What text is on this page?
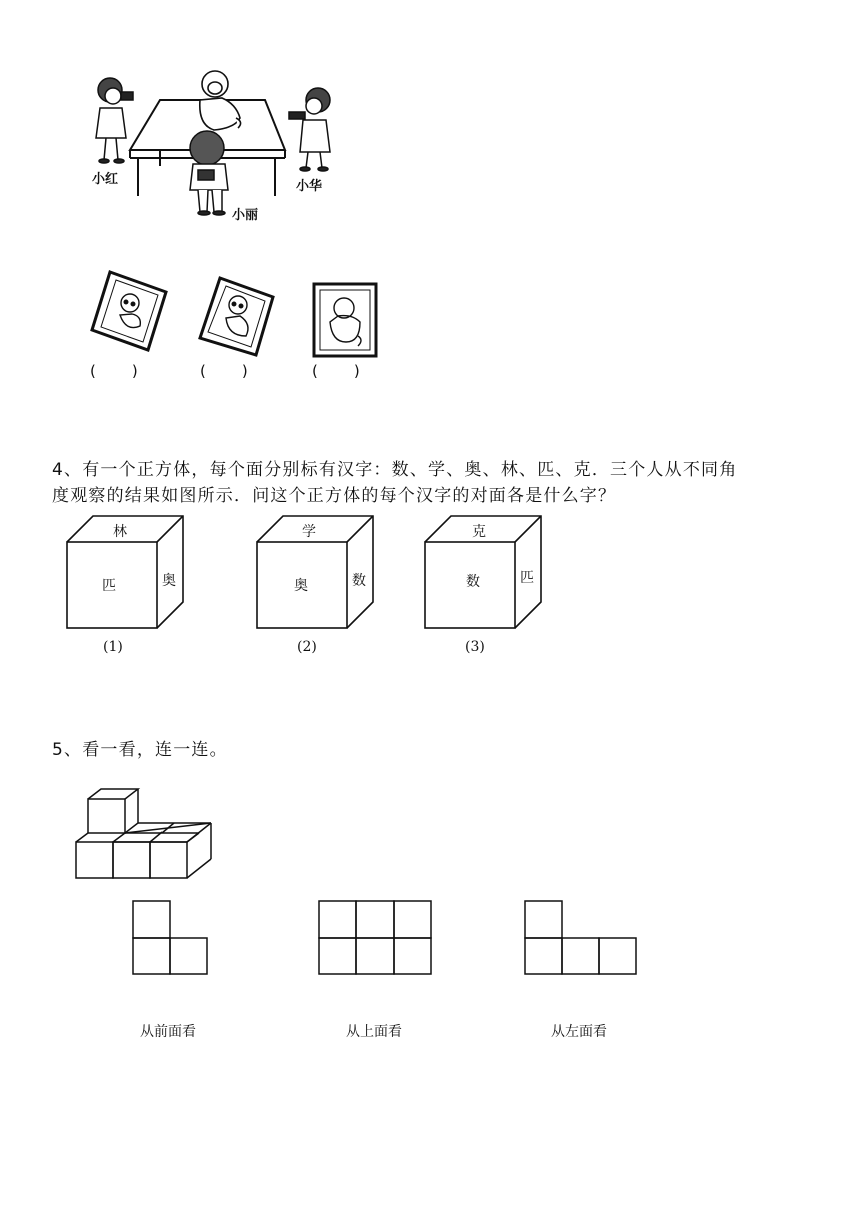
小红	小华
小丽
(　　)	(　　)	(　　)
4、有一个正方体，每个面分别标有汉字：数、学、奥、林、匹、克．三个人从不同角
度观察的结果如图所示．问这个正方体的每个汉字的对面各是什么字？
林
匹	奥
(1)
学
奥	数
(2)
克
数	匹
(3)
5、看一看，连一连。
从前面看	从上面看	从左面看
